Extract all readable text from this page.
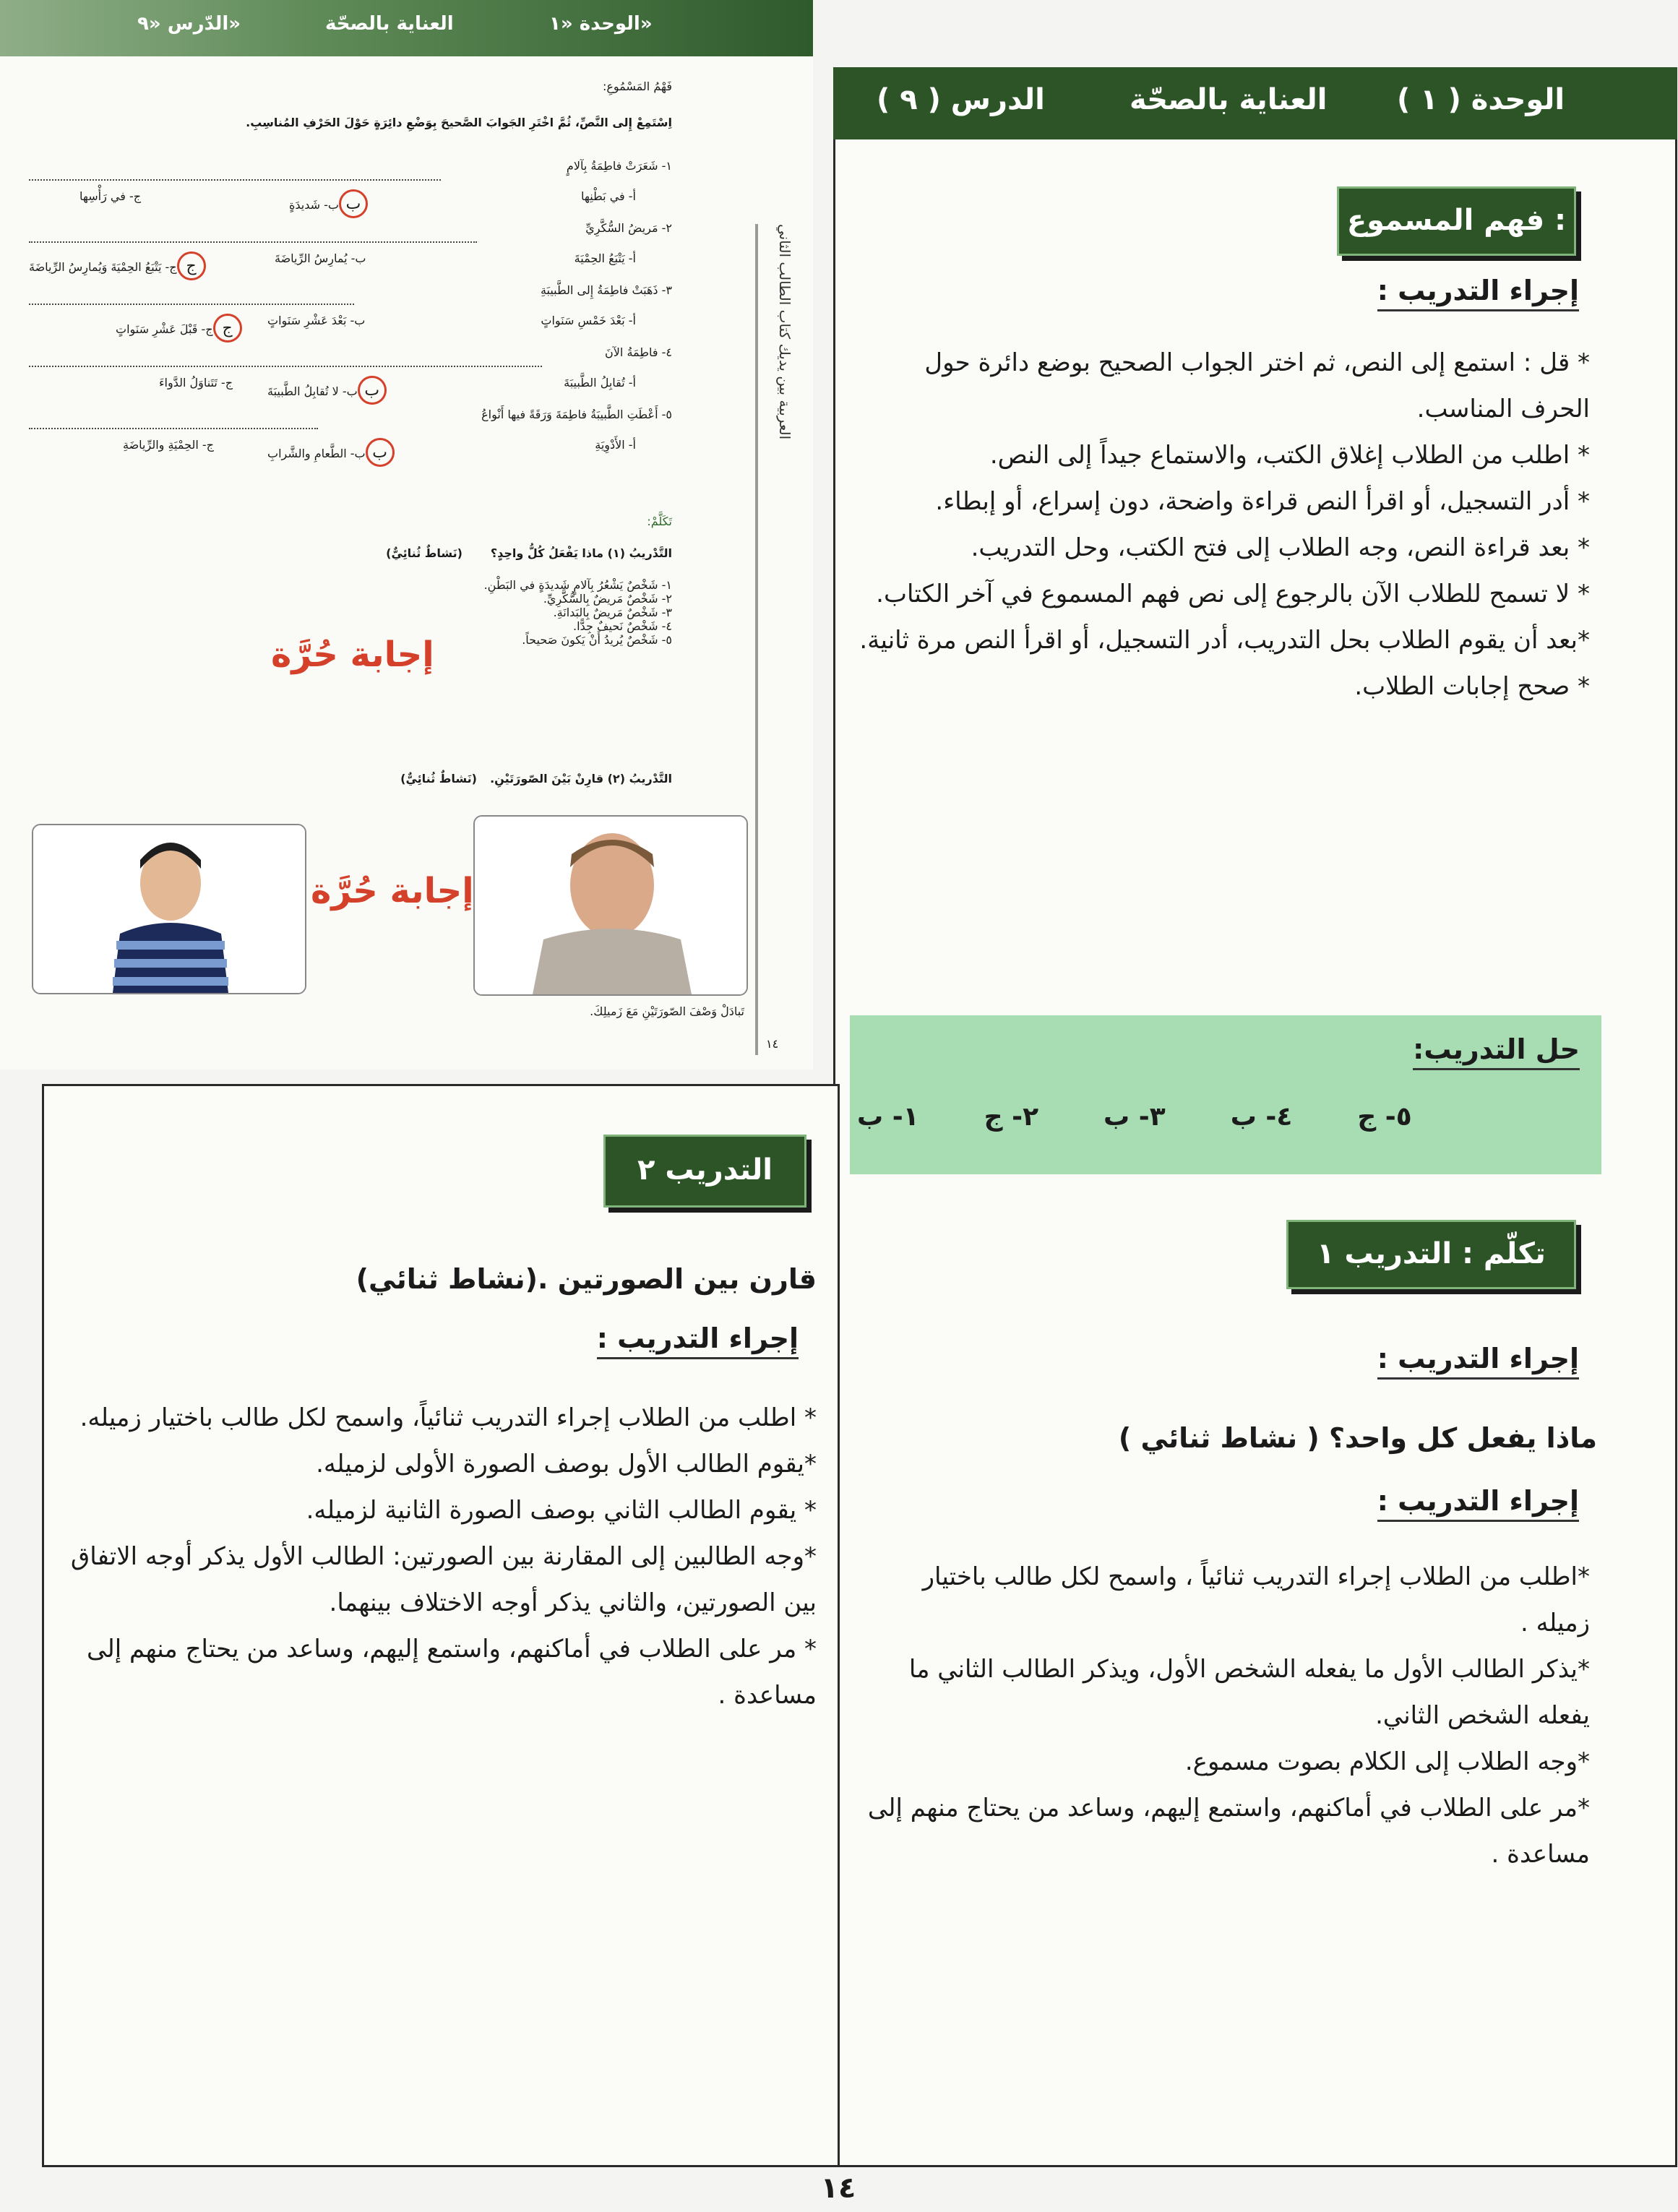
الدّرس «٩»	العناية بالصحّة	الوحدة «١»
فَهْمُ المَسْمُوعِ:
اِسْتَمِعْ إِلى النَّصِّ، ثُمَّ اخْتَرِ الجَوابَ الصَّحيحَ بِوَضْعِ دائِرَةٍ حَوْلَ الحَرْفِ المُناسِبِ.
١- شَعَرَتْ فاطِمَةُ بِآلامٍ
أ- في بَطْنِها
بب- شَديدَةٍ
ج- في رَأْسِها
٢- مَريضُ السُّكَّرِيِّ
أ- يَتْبَعُ الحِمْيَةَ
ب- يُمارِسُ الرِّياضَةَ
جج- يَتْبَعُ الحِمْيَةَ وَيُمارِسُ الرِّياضَةَ
٣- ذَهَبَتْ فاطِمَةُ إِلى الطَّبيبَةِ
أ- بَعْدَ خَمْسِ سَنَواتٍ
ب- بَعْدَ عَشْرِ سَنَواتٍ
جج- قَبْلَ عَشْرِ سَنَواتٍ
٤- فاطِمَةُ الآنَ
أ- تُقابِلُ الطَّبيبَةَ
بب- لا تُقابِلُ الطَّبيبَةَ
ج- تَتَناوَلُ الدَّواءَ
٥- أَعْطَتِ الطَّبيبَةُ فاطِمَةَ وَرَقَةً فيها أَنْواعُ
أ- الأَدْوِيَةِ
بب- الطَّعامِ والشَّرابِ
ج- الحِمْيَةِ والرِّياضَةِ
تَكَلَّمْ:
التَّدْريبُ (١) ماذا يَفْعَلُ كُلُّ واحِدٍ؟
(نَشاطٌ ثُنائِيٌّ)
١- شَخْصٌ يَشْعُرُ بِآلامٍ شَديدَةٍ في البَطْنِ.
٢- شَخْصٌ مَريضٌ بِالسُّكَّرِيِّ.
٣- شَخْصٌ مَريضٌ بِالبَدانَةِ.
٤- شَخْصٌ نَحيفٌ جِدًّا.
٥- شَخْصٌ يُريدُ أَنْ يَكونَ صَحيحاً.
إجابة حُرَّة
التَّدْريبُ (٢) قارِنْ بَيْنَ الصّورَتَيْنِ.
(نَشاطٌ ثُنائِيٌّ)
إجابة حُرَّة
تَبادَلْ وَصْفَ الصّورَتَيْنِ مَعَ زَميلِكَ.
١٤
العربية بين يديك كتاب الطالب الثاني
الدرس ( ٩ )	العناية بالصحّة الوحدة ( ١ )
فهم المسموع :
إجراء التدريب :
* قل : استمع إلى النص، ثم اختر الجواب الصحيح بوضع دائرة حول الحرف المناسب.
* اطلب من الطلاب إغلاق الكتب، والاستماع جيداً إلى النص.
* أدر التسجيل، أو اقرأ النص قراءة واضحة، دون إسراع، أو إبطاء.
* بعد قراءة النص، وجه الطلاب إلى فتح الكتب، وحل التدريب.
* لا تسمح للطلاب الآن بالرجوع إلى نص فهم المسموع في آخر الكتاب.
*بعد أن يقوم الطلاب بحل التدريب، أدر التسجيل، أو اقرأ النص مرة ثانية.
* صحح إجابات الطلاب.
حل التدريب:
١- ب	٢- ج	٣- ب	٤- ب	٥- ج
تكلّم : التدريب ١
إجراء التدريب :
ماذا يفعل كل واحد؟ ( نشاط ثنائي )
إجراء التدريب :
*اطلب من الطلاب إجراء التدريب ثنائياً ، واسمح لكل طالب باختيار زميله .
*يذكر الطالب الأول ما يفعله الشخص الأول، ويذكر الطالب الثاني ما يفعله الشخص الثاني.
*وجه الطلاب إلى الكلام بصوت مسموع.
*مر على الطلاب في أماكنهم، واستمع إليهم، وساعد من يحتاج منهم إلى مساعدة .
التدريب ٢
قارن بين الصورتين .(نشاط ثنائي)
إجراء التدريب :
* اطلب من الطلاب إجراء التدريب ثنائياً، واسمح لكل طالب باختيار زميله.
*يقوم الطالب الأول بوصف الصورة الأولى لزميله.
* يقوم الطالب الثاني بوصف الصورة الثانية لزميله.
*وجه الطالبين إلى المقارنة بين الصورتين: الطالب الأول يذكر أوجه الاتفاق بين الصورتين، والثاني يذكر أوجه الاختلاف بينهما.
* مر على الطلاب في أماكنهم، واستمع إليهم، وساعد من يحتاج منهم إلى مساعدة .
١٤
